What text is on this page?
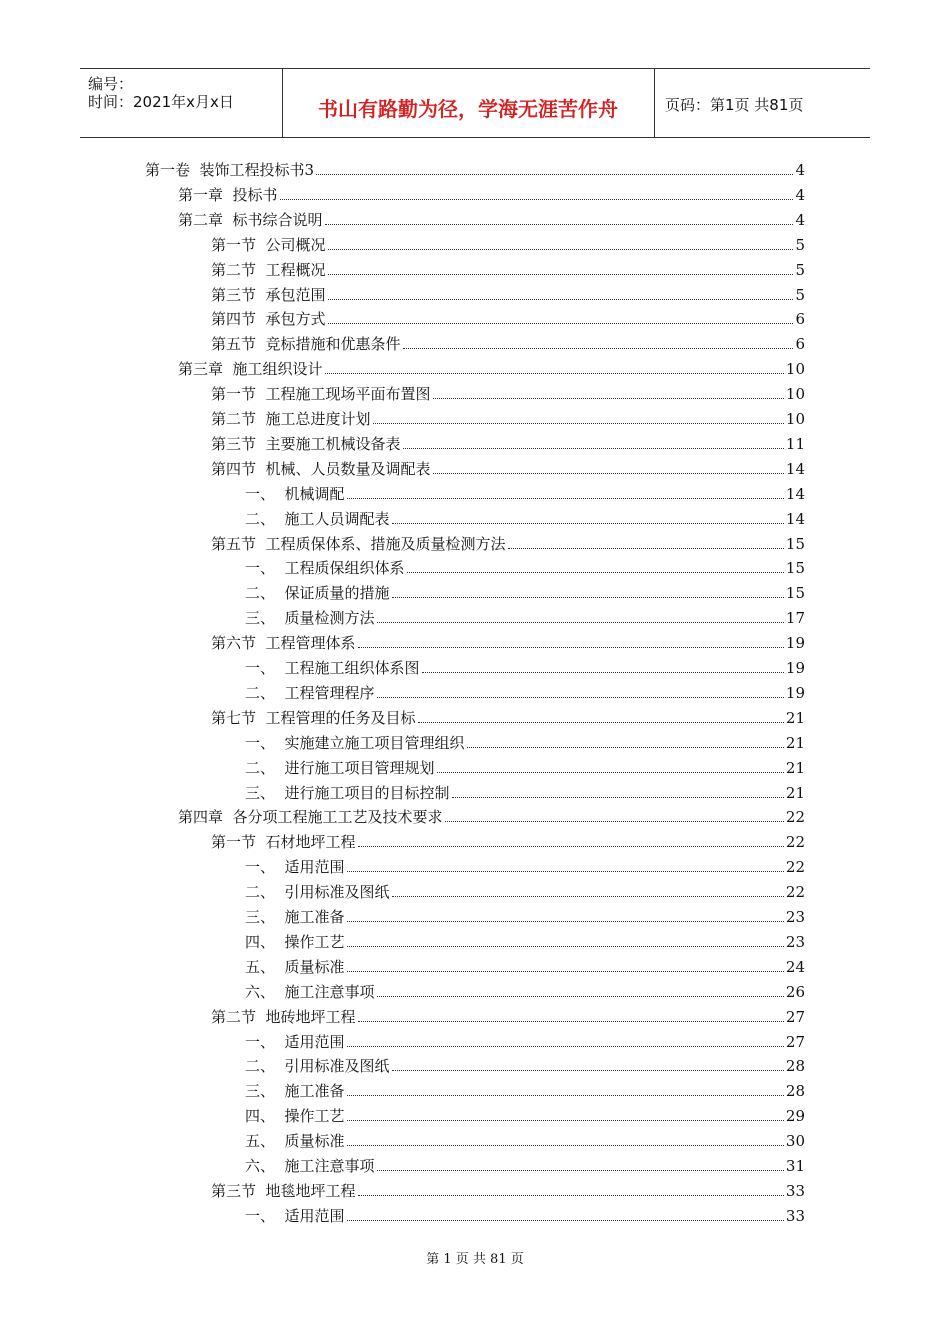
编号：
时间：2021年x月x日	书山有路勤为径，学海无涯苦作舟	页码：第1页 共81页
第一卷  装饰工程投标书3	4
第一章  投标书	4
第二章  标书综合说明	4
第一节  公司概况	5
第二节  工程概况	5
第三节  承包范围	5
第四节  承包方式	6
第五节  竞标措施和优惠条件	6
第三章  施工组织设计	10
第一节  工程施工现场平面布置图	10
第二节  施工总进度计划	10
第三节  主要施工机械设备表	11
第四节  机械、人员数量及调配表	14
一、  机械调配	14
二、  施工人员调配表	14
第五节  工程质保体系、措施及质量检测方法	15
一、  工程质保组织体系	15
二、  保证质量的措施	15
三、  质量检测方法	17
第六节  工程管理体系	19
一、  工程施工组织体系图	19
二、  工程管理程序	19
第七节  工程管理的任务及目标	21
一、  实施建立施工项目管理组织	21
二、  进行施工项目管理规划	21
三、  进行施工项目的目标控制	21
第四章  各分项工程施工工艺及技术要求	22
第一节  石材地坪工程	22
一、  适用范围	22
二、  引用标准及图纸	22
三、  施工准备	23
四、  操作工艺	23
五、  质量标准	24
六、  施工注意事项	26
第二节  地砖地坪工程	27
一、  适用范围	27
二、  引用标准及图纸	28
三、  施工准备	28
四、  操作工艺	29
五、  质量标准	30
六、  施工注意事项	31
第三节  地毯地坪工程	33
一、  适用范围	33
第 1 页 共 81 页
